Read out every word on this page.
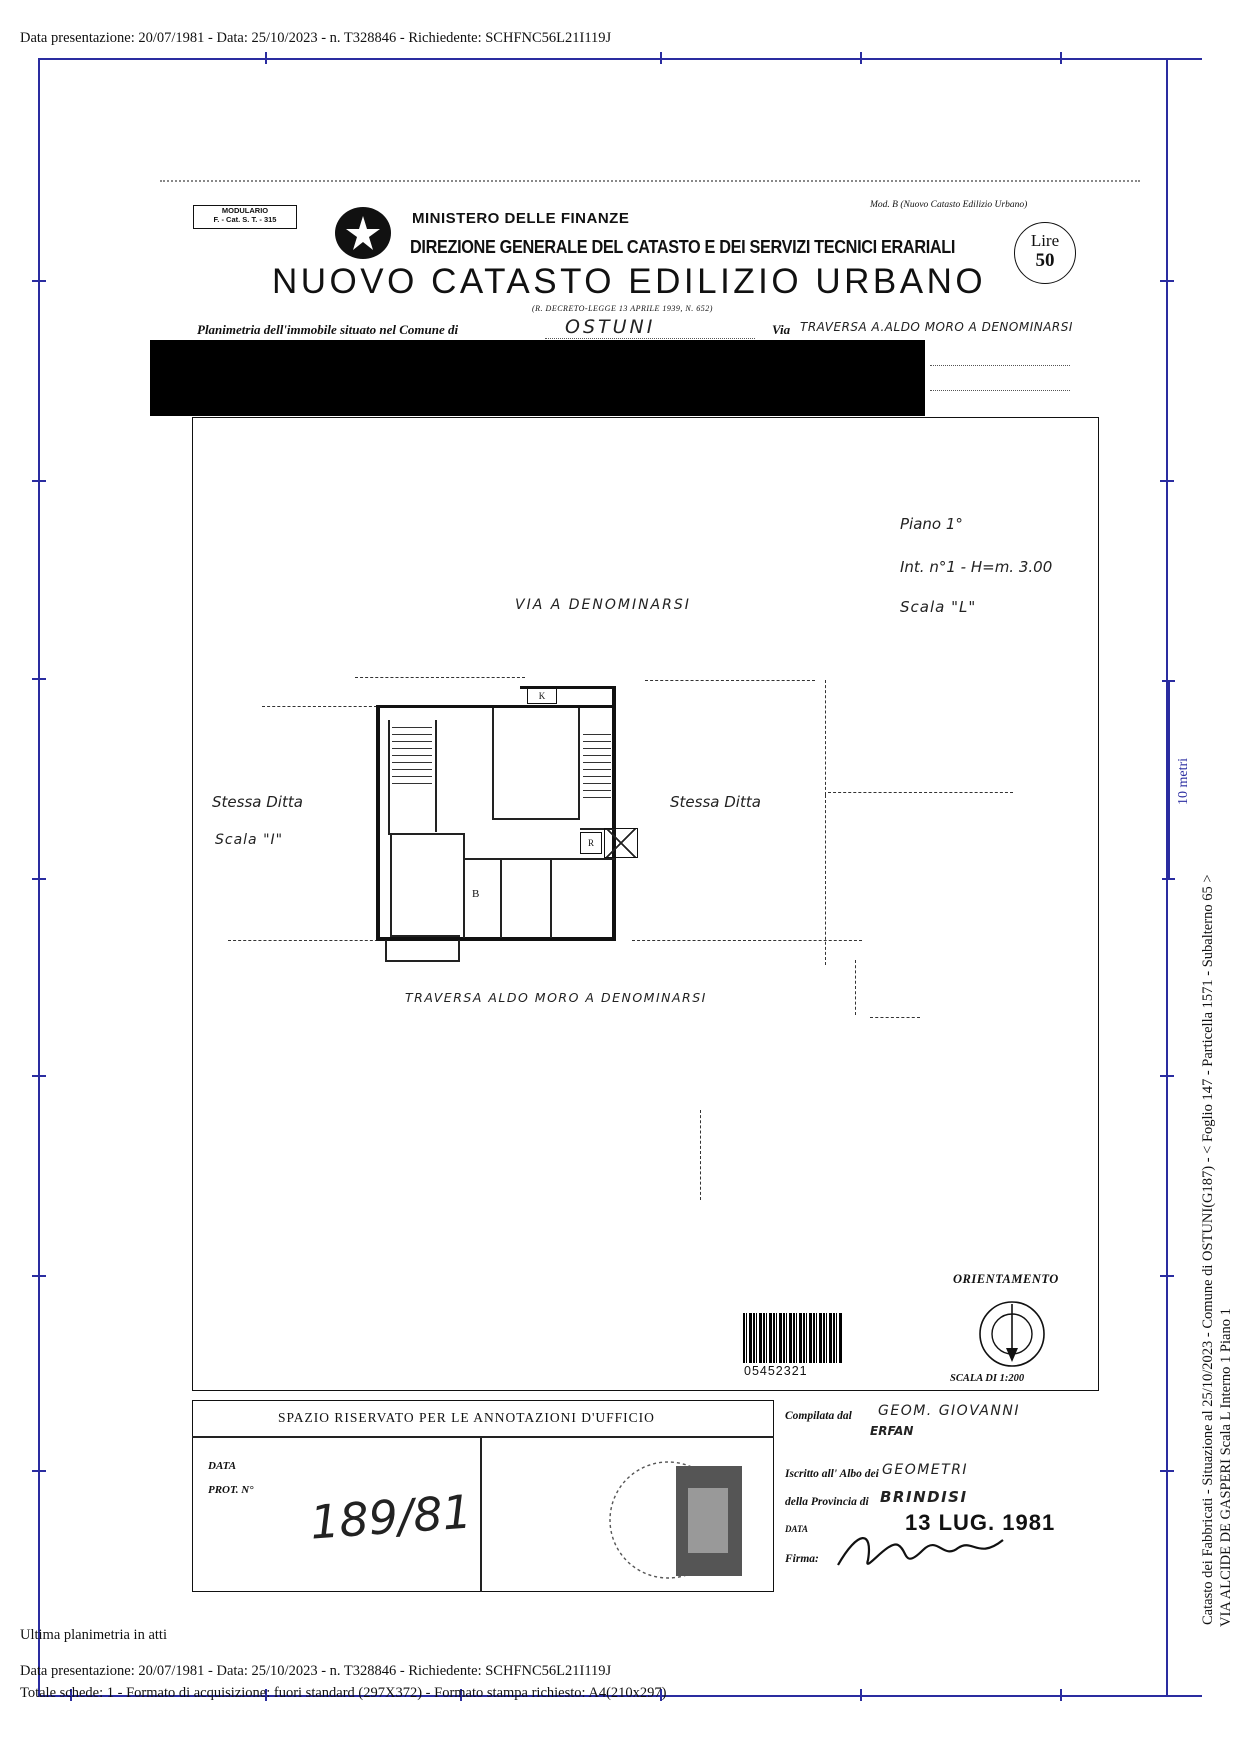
Data presentazione: 20/07/1981 - Data: 25/10/2023 - n. T328846 - Richiedente: SCHFNC56L21I119J
MODULARIO
F. - Cat. S. T. - 315	MINISTERO DELLE FINANZE
Mod. B (Nuovo Catasto Edilizio Urbano)
DIREZIONE GENERALE DEL CATASTO E DEI SERVIZI TECNICI ERARIALI	Lire
50
NUOVO CATASTO EDILIZIO URBANO
(R. DECRETO-LEGGE 13 APRILE 1939, N. 652)
Planimetria dell'immobile situato nel Comune di	OSTUNI	Via TRAVERSA A.ALDO MORO A DENOMINARSI
Piano 1°
Int. n°1 - H=m. 3.00
Scala "L"
VIA A DENOMINARSI
Stessa Ditta
Scala "I"
Stessa Ditta
TRAVERSA ALDO MORO A DENOMINARSI
K
R
B
ORIENTAMENTO
SCALA DI 1:200
05452321
SPAZIO RISERVATO PER LE ANNOTAZIONI D'UFFICIO
DATA
PROT. N° 189/81
Compilata dal GEOM. GIOVANNI
ERFAN
Iscritto all' Albo dei GEOMETRI
della Provincia di BRINDISI
DATA	13 LUG. 1981
Firma:
10 metri
Catasto dei Fabbricati - Situazione al 25/10/2023 - Comune di OSTUNI(G187) - < Foglio 147 - Particella 1571 - Subalterno 65 > VIA ALCIDE DE GASPERI Scala L Interno 1 Piano 1
Ultima planimetria in atti
Data presentazione: 20/07/1981 - Data: 25/10/2023 - n. T328846 - Richiedente: SCHFNC56L21I119J
Totale schede: 1 - Formato di acquisizione: fuori standard (297X372) - Formato stampa richiesto: A4(210x297)
